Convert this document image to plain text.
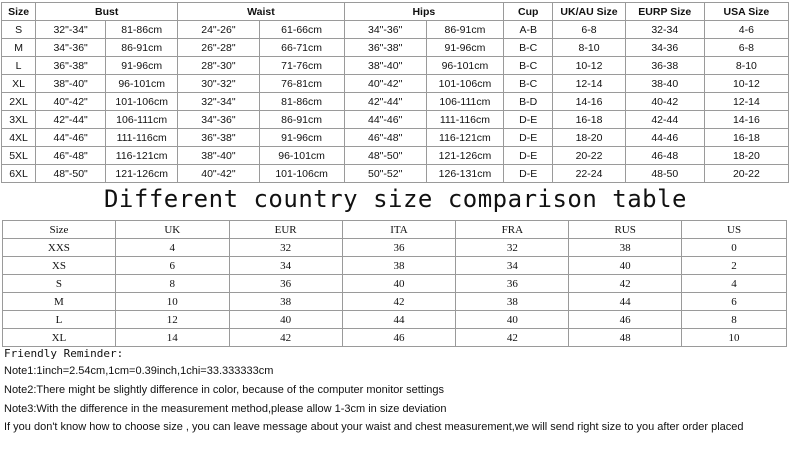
Size	Bust		Waist		Hips		Cup	UK/AU Size	EURP Size	USA Size
S	32"-34"	81-86cm	24"-26"	61-66cm	34"-36"	86-91cm	A-B	6-8	32-34	4-6
M	34"-36"	86-91cm	26"-28"	66-71cm	36"-38"	91-96cm	B-C	8-10	34-36	6-8
L	36"-38"	91-96cm	28"-30"	71-76cm	38"-40"	96-101cm	B-C	10-12	36-38	8-10
XL	38"-40"	96-101cm	30"-32"	76-81cm	40"-42"	101-106cm	B-C	12-14	38-40	10-12
2XL	40"-42"	101-106cm	32"-34"	81-86cm	42"-44"	106-111cm	B-D	14-16	40-42	12-14
3XL	42"-44"	106-111cm	34"-36"	86-91cm	44"-46"	111-116cm	D-E	16-18	42-44	14-16
4XL	44"-46"	111-116cm	36"-38"	91-96cm	46"-48"	116-121cm	D-E	18-20	44-46	16-18
5XL	46"-48"	116-121cm	38"-40"	96-101cm	48"-50"	121-126cm	D-E	20-22	46-48	18-20
6XL	48"-50"	121-126cm	40"-42"	101-106cm	50"-52"	126-131cm	D-E	22-24	48-50	20-22
Different country size comparison table
Size	UK	EUR	ITA	FRA	RUS	US
XXS	4	32	36	32	38	0
XS	6	34	38	34	40	2
S	8	36	40	36	42	4
M	10	38	42	38	44	6
L	12	40	44	40	46	8
XL	14	42	46	42	48	10
Friendly Reminder:
Note1:1inch=2.54cm,1cm=0.39inch,1chi=33.333333cm
Note2:There might be slightly difference in color, because of the computer monitor settings
Note3:With the difference in the measurement method,please allow 1-3cm in size deviation
If you don't know how to choose size , you can leave message about your waist and chest measurement,we will send right size to you after order placed
